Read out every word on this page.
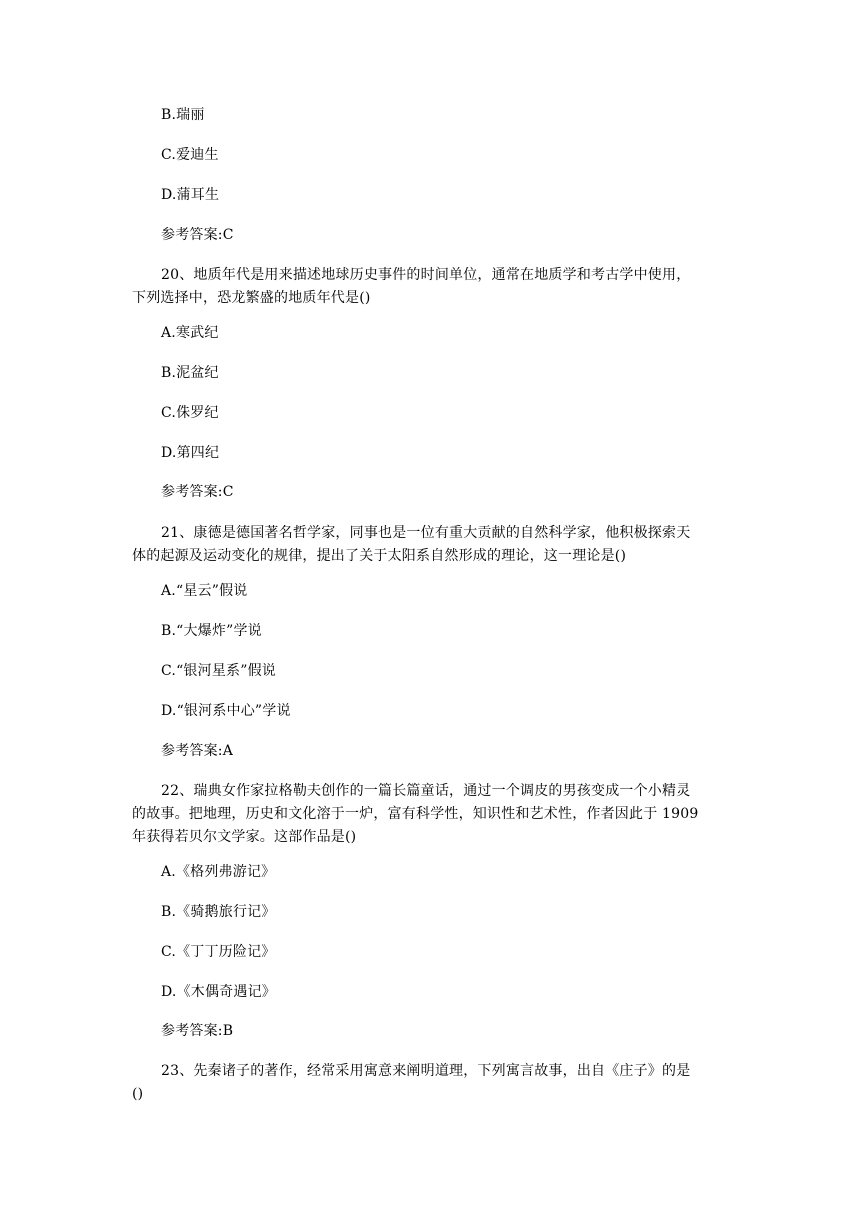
B.瑞丽
C.爱迪生
D.蒲耳生
参考答案:C
20、地质年代是用来描述地球历史事件的时间单位，通常在地质学和考古学中使用，
下列选择中，恐龙繁盛的地质年代是()
A.寒武纪
B.泥盆纪
C.侏罗纪
D.第四纪
参考答案:C
21、康德是德国著名哲学家，同事也是一位有重大贡献的自然科学家，他积极探索天
体的起源及运动变化的规律，提出了关于太阳系自然形成的理论，这一理论是()
A.“星云”假说
B.“大爆炸”学说
C.“银河星系”假说
D.“银河系中心”学说
参考答案:A
22、瑞典女作家拉格勒夫创作的一篇长篇童话，通过一个调皮的男孩变成一个小精灵
的故事。把地理，历史和文化溶于一炉，富有科学性，知识性和艺术性，作者因此于 1909
年获得若贝尔文学家。这部作品是()
A.《格列弗游记》
B.《骑鹅旅行记》
C.《丁丁历险记》
D.《木偶奇遇记》
参考答案:B
23、先秦诸子的著作，经常采用寓意来阐明道理，下列寓言故事，出自《庄子》的是
()
